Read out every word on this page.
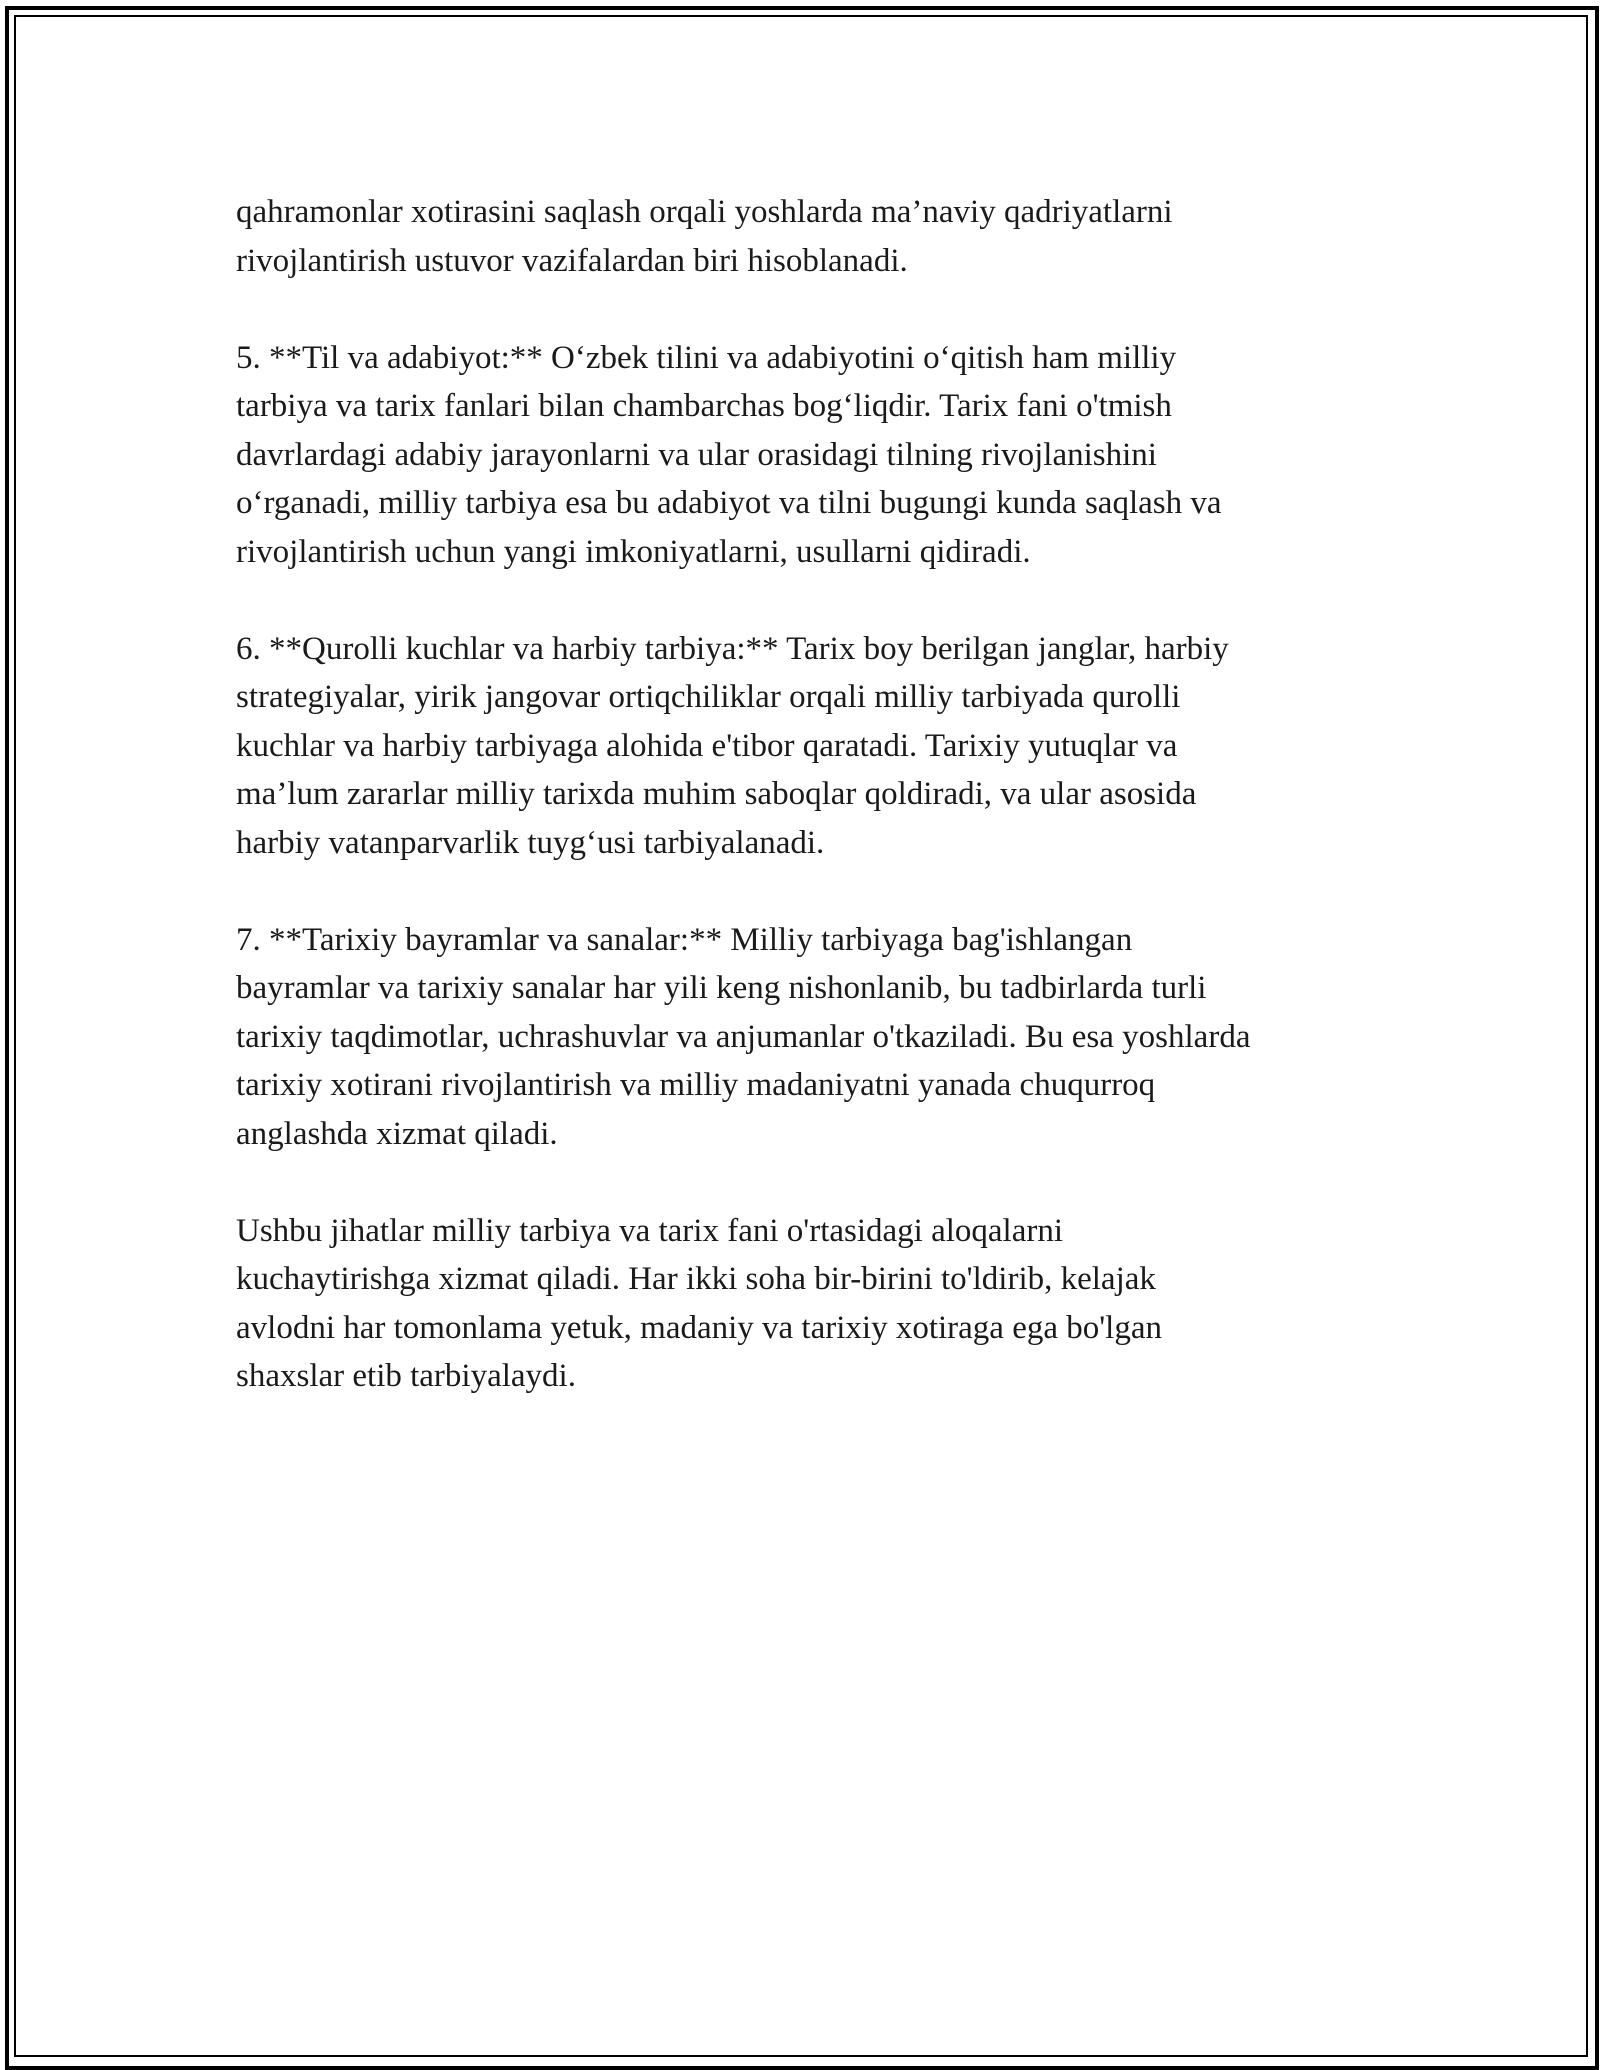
qahramonlar xotirasini saqlash orqali yoshlarda ma’naviy qadriyatlarni
rivojlantirish ustuvor vazifalardan biri hisoblanadi.

5. **Til va adabiyot:** O‘zbek tilini va adabiyotini o‘qitish ham milliy
tarbiya va tarix fanlari bilan chambarchas bog‘liqdir. Tarix fani o'tmish
davrlardagi adabiy jarayonlarni va ular orasidagi tilning rivojlanishini
o‘rganadi, milliy tarbiya esa bu adabiyot va tilni bugungi kunda saqlash va
rivojlantirish uchun yangi imkoniyatlarni, usullarni qidiradi.

6. **Qurolli kuchlar va harbiy tarbiya:** Tarix boy berilgan janglar, harbiy
strategiyalar, yirik jangovar ortiqchiliklar orqali milliy tarbiyada qurolli
kuchlar va harbiy tarbiyaga alohida e'tibor qaratadi. Tarixiy yutuqlar va
ma’lum zararlar milliy tarixda muhim saboqlar qoldiradi, va ular asosida
harbiy vatanparvarlik tuyg‘usi tarbiyalanadi.

7. **Tarixiy bayramlar va sanalar:** Milliy tarbiyaga bag'ishlangan
bayramlar va tarixiy sanalar har yili keng nishonlanib, bu tadbirlarda turli
tarixiy taqdimotlar, uchrashuvlar va anjumanlar o'tkaziladi. Bu esa yoshlarda
tarixiy xotirani rivojlantirish va milliy madaniyatni yanada chuqurroq
anglashda xizmat qiladi.

Ushbu jihatlar milliy tarbiya va tarix fani o'rtasidagi aloqalarni
kuchaytirishga xizmat qiladi. Har ikki soha bir-birini to'ldirib, kelajak
avlodni har tomonlama yetuk, madaniy va tarixiy xotiraga ega bo'lgan
shaxslar etib tarbiyalaydi.
